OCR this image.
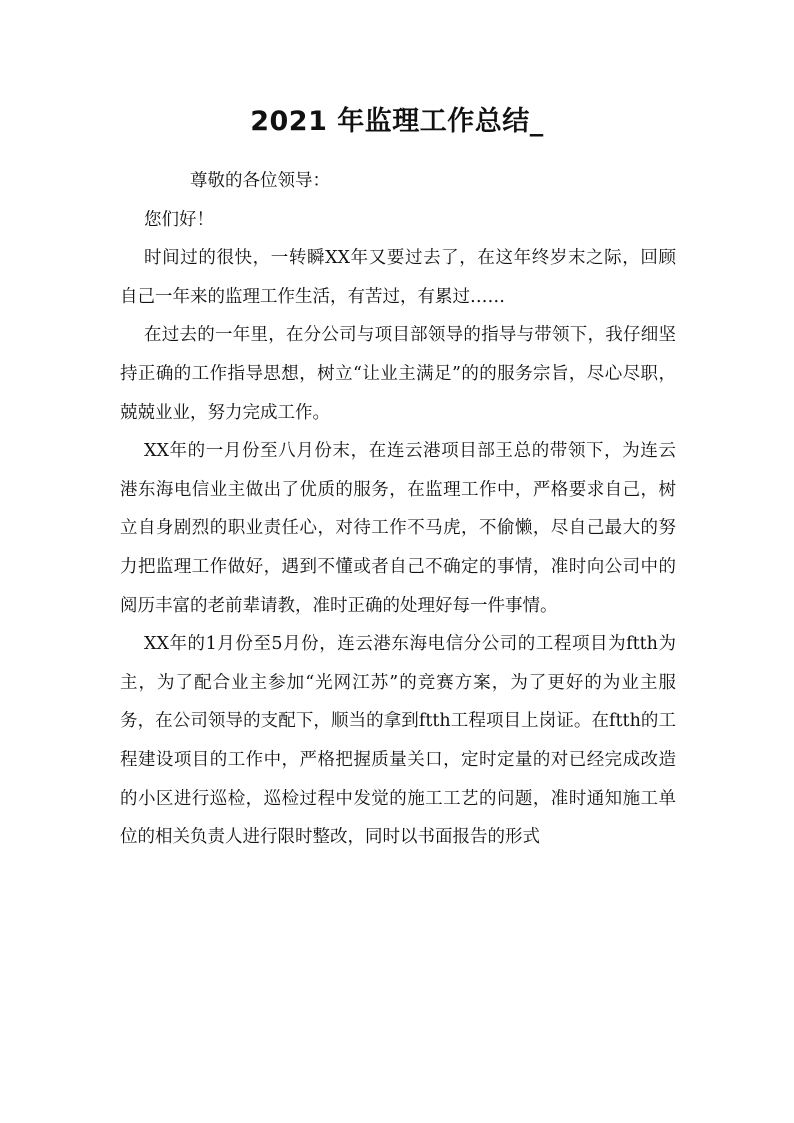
2021 年监理工作总结_

尊敬的各位领导：

您们好！

时间过的很快，一转瞬XX年又要过去了，在这年终岁末之际，回顾自己一年来的监理工作生活，有苦过，有累过……

在过去的一年里，在分公司与项目部领导的指导与带领下，我仔细坚持正确的工作指导思想，树立“让业主满足”的的服务宗旨，尽心尽职，兢兢业业，努力完成工作。

XX年的一月份至八月份末，在连云港项目部王总的带领下，为连云港东海电信业主做出了优质的服务，在监理工作中，严格要求自己，树立自身剧烈的职业责任心，对待工作不马虎，不偷懒，尽自己最大的努力把监理工作做好，遇到不懂或者自己不确定的事情，准时向公司中的阅历丰富的老前辈请教，准时正确的处理好每一件事情。

XX年的1月份至5月份，连云港东海电信分公司的工程项目为ftth为主，为了配合业主参加“光网江苏”的竞赛方案，为了更好的为业主服务，在公司领导的支配下，顺当的拿到ftth工程项目上岗证。在ftth的工程建设项目的工作中，严格把握质量关口，定时定量的对已经完成改造的小区进行巡检，巡检过程中发觉的施工工艺的问题，准时通知施工单位的相关负责人进行限时整改，同时以书面报告的形式
